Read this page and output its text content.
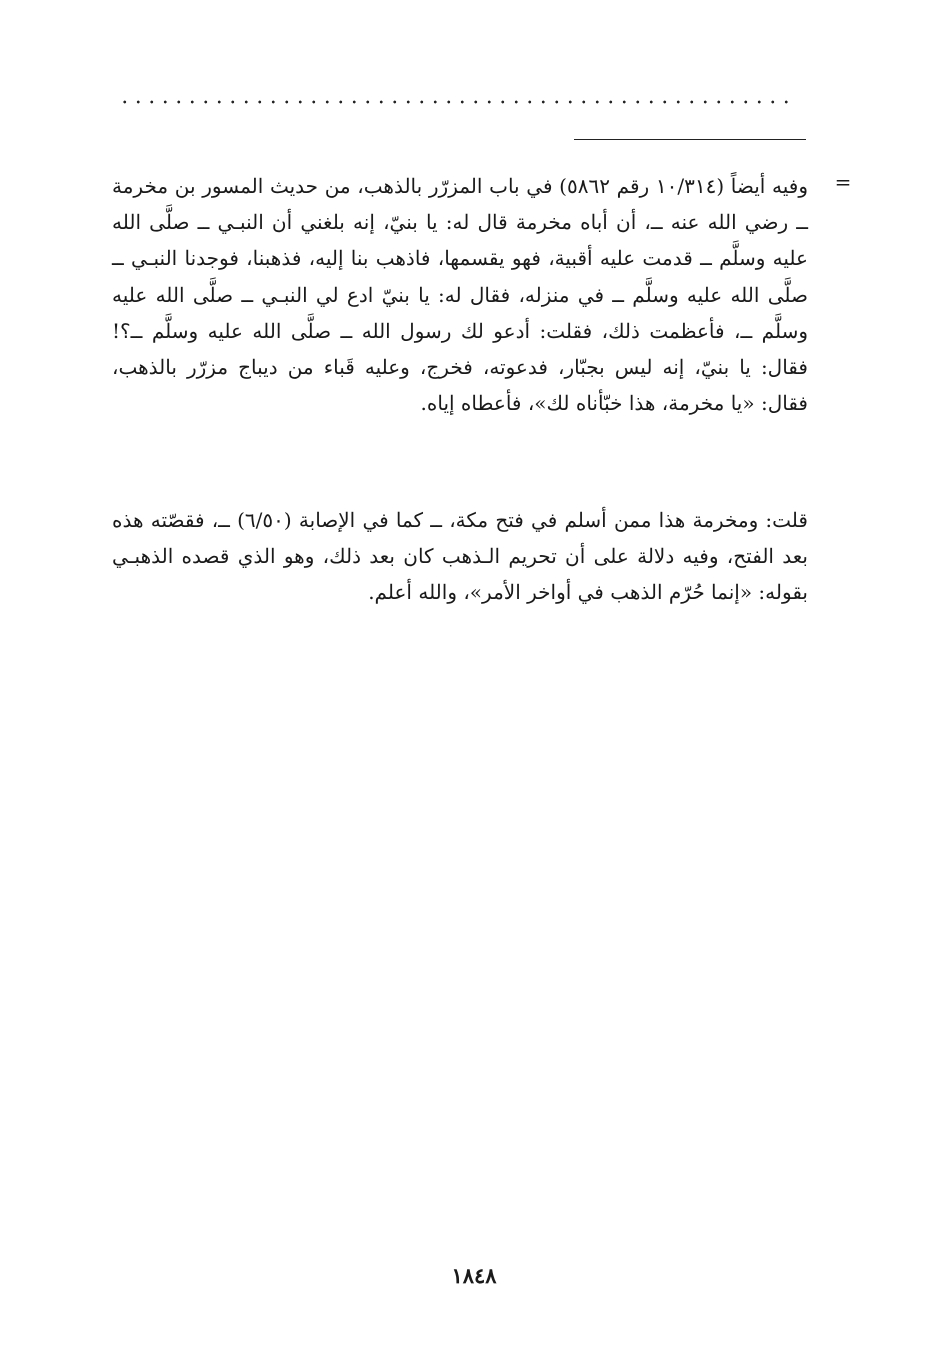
=

وفيه أيضاً (١٠/٣١٤ رقم ٥٨٦٢) في باب المزرّر بالذهب، من حديث المسور بن مخرمة ــ رضي الله عنه ــ، أن أباه مخرمة قال له: يا بنيّ، إنه بلغني أن النبـي ــ صلَّى الله عليه وسلَّم ــ قدمت عليه أقبية، فهو يقسمها، فاذهب بنا إليه، فذهبنا، فوجدنا النبـي ــ صلَّى الله عليه وسلَّم ــ في منزله، فقال له: يا بنيّ ادع لي النبـي ــ صلَّى الله عليه وسلَّم ــ، فأعظمت ذلك، فقلت: أدعو لك رسول الله ــ صلَّى الله عليه وسلَّم ــ؟! فقال: يا بنيّ، إنه ليس بجبّار، فدعوته، فخرج، وعليه قَباء من ديباج مزرّر بالذهب، فقال: «يا مخرمة، هذا خبّأناه لك»، فأعطاه إياه.

قلت: ومخرمة هذا ممن أسلم في فتح مكة، ــ كما في الإصابة (٦/٥٠) ــ، فقصّته هذه بعد الفتح، وفيه دلالة على أن تحريم الـذهب كان بعد ذلك، وهو الذي قصده الذهبـي بقوله: «إنما حُرّم الذهب في أواخر الأمر»، والله أعلم.

١٨٤٨
